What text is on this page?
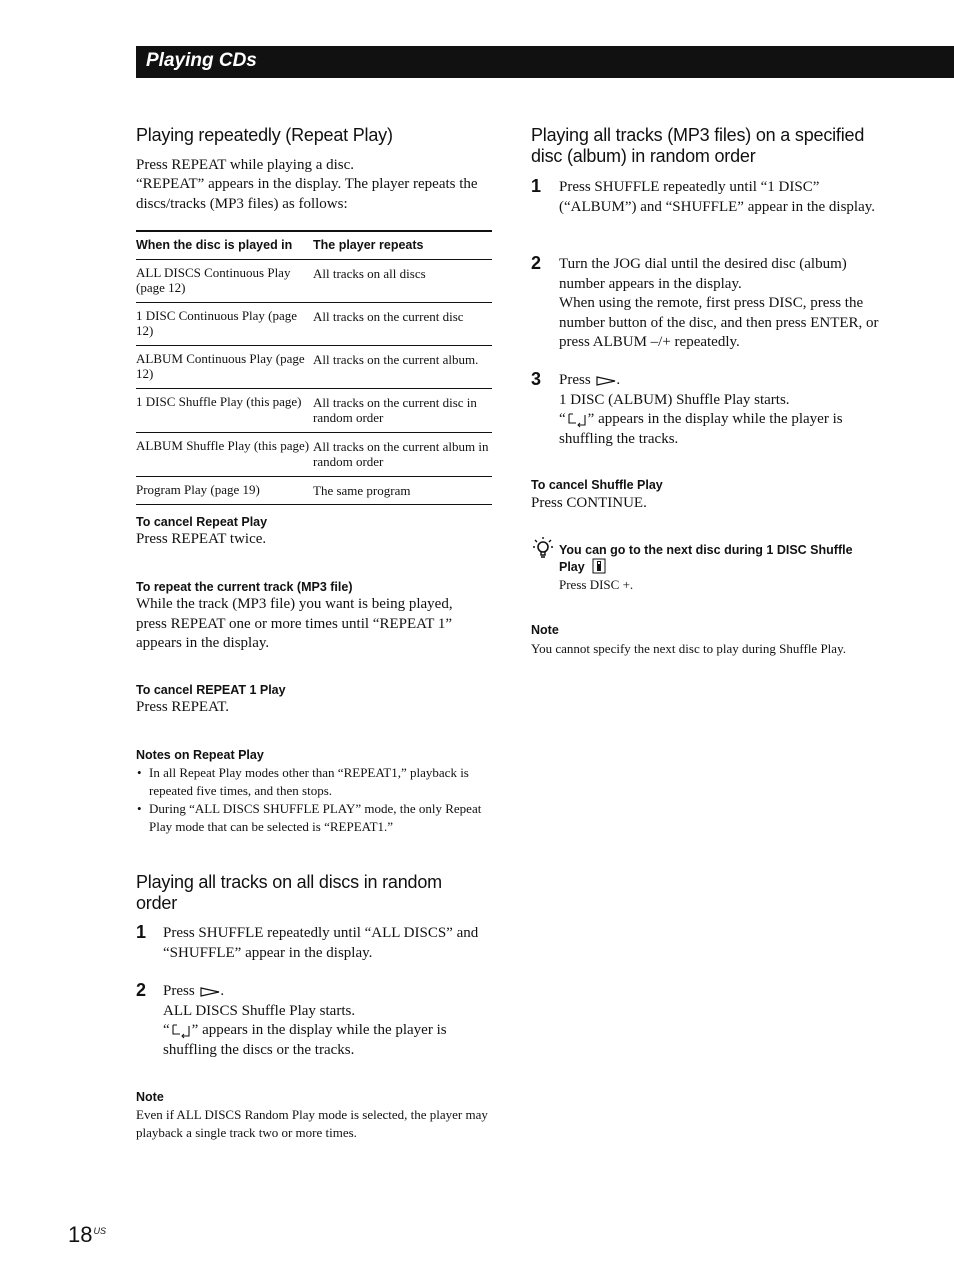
Playing CDs
Playing repeatedly (Repeat Play)

Press REPEAT while playing a disc.

“REPEAT” appears in the display. The player repeats the discs/tracks (MP3 files) as follows:

When the disc is played in	The player repeats
ALL DISCS Continuous Play (page 12)	All tracks on all discs
1 DISC Continuous Play (page 12)	All tracks on the current disc
ALBUM Continuous Play (page 12)	All tracks on the current album.
1 DISC Shuffle Play (this page)	All tracks on the current disc in random order
ALBUM Shuffle Play (this page)	All tracks on the current album in random order
Program Play (page 19)	The same program

To cancel Repeat Play

Press REPEAT twice.

To repeat the current track (MP3 file)

While the track (MP3 file) you want is being played, press REPEAT one or more times until “REPEAT 1” appears in the display.

To cancel REPEAT 1 Play

Press REPEAT.

Notes on Repeat Play

• In all Repeat Play modes other than “REPEAT1,” playback is repeated five times, and then stops.
• During “ALL DISCS SHUFFLE PLAY” mode, the only Repeat Play mode that can be selected is “REPEAT1.”
Playing all tracks on all discs in random order
1 Press SHUFFLE repeatedly until “ALL DISCS” and “SHUFFLE” appear in the display.

2 Press .
ALL DISCS Shuffle Play starts.
“ ” appears in the display while the player is shuffling the discs or the tracks.

Note

Even if ALL DISCS Random Play mode is selected, the player may playback a single track two or more times.

Playing all tracks (MP3 files) on a specified disc (album) in random order
1 Press SHUFFLE repeatedly until “1 DISC” (“ALBUM”) and “SHUFFLE” appear in the display.

2 Turn the JOG dial until the desired disc (album) number appears in the display.
When using the remote, first press DISC, press the number button of the disc, and then press ENTER, or press ALBUM –/+ repeatedly.
3 Press .
1 DISC (ALBUM) Shuffle Play starts.
“ ” appears in the display while the player is shuffling the tracks.

To cancel Shuffle Play

Press CONTINUE.

You can go to the next disc during 1 DISC Shuffle Play

Press DISC +.

Note

You cannot specify the next disc to play during Shuffle Play.

$18^{US}$
